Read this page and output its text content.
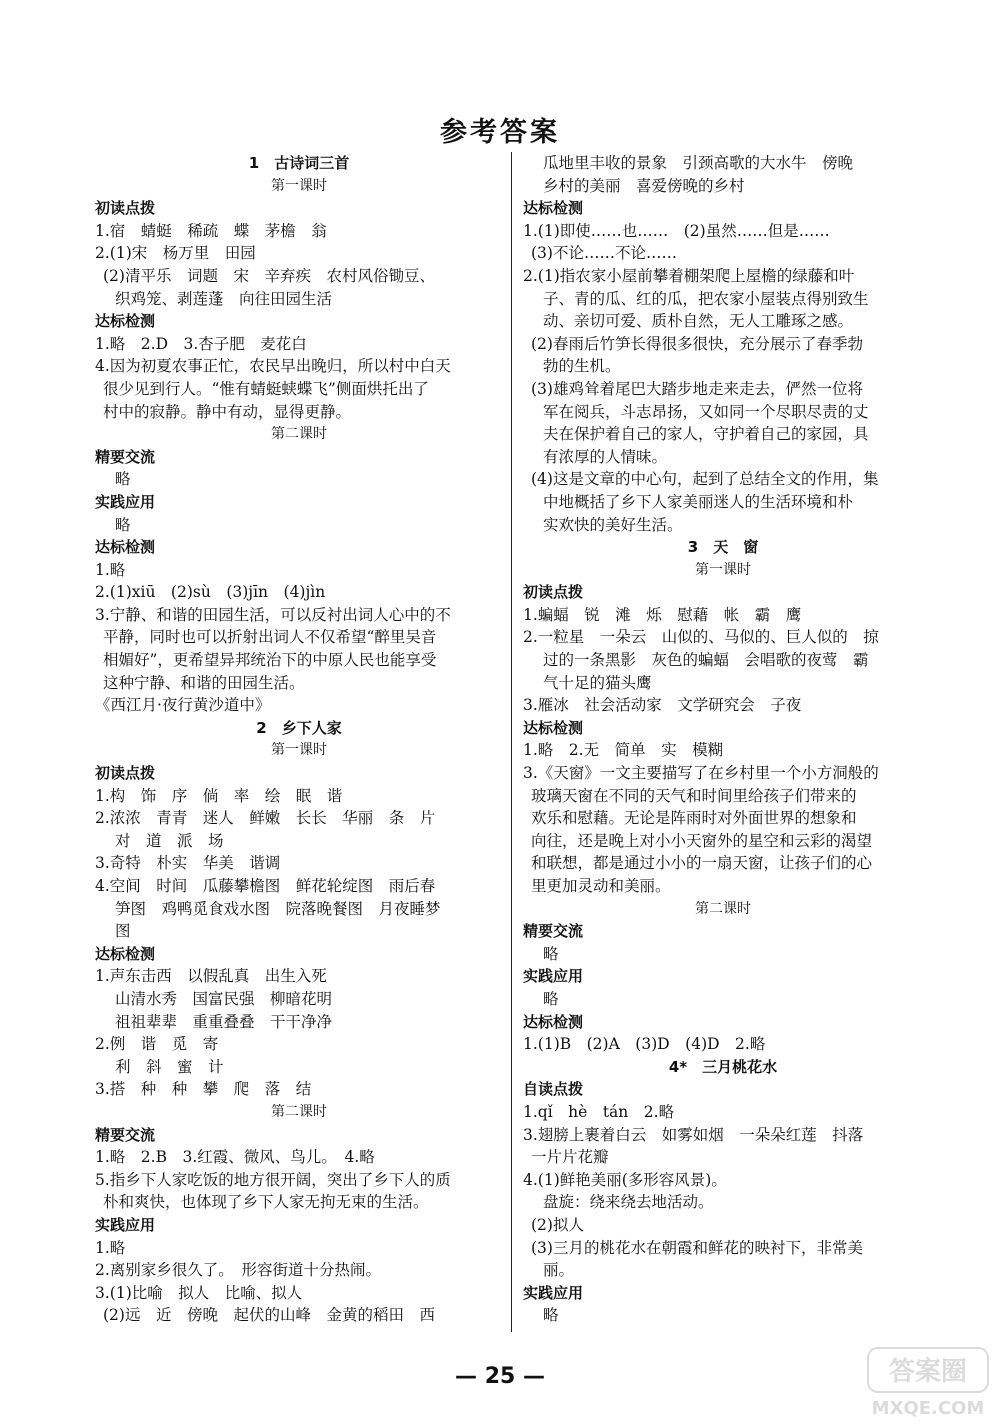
参考答案
1　古诗词三首
第一课时
初读点拨
1.宿　蜻蜓　稀疏　蝶　茅檐　翁
2.(1)宋　杨万里　田园
(2)清平乐　词题　宋　辛弃疾　农村风俗锄豆、
织鸡笼、剥莲蓬　向往田园生活
达标检测
1.略　2.D　3.杏子肥　麦花白
4.因为初夏农事正忙，农民早出晚归，所以村中白天
很少见到行人。“惟有蜻蜓蛱蝶飞”侧面烘托出了
村中的寂静。静中有动，显得更静。
第二课时
精要交流
略
实践应用
略
达标检测
1.略
2.(1)xiū　(2)sù　(3)jīn　(4)jìn
3.宁静、和谐的田园生活，可以反衬出词人心中的不
平静，同时也可以折射出词人不仅希望“醉里吴音
相媚好”，更希望异邦统治下的中原人民也能享受
这种宁静、和谐的田园生活。
《西江月·夜行黄沙道中》
2　乡下人家
第一课时
初读点拨
1.构　饰　序　倘　率　绘　眠　谐
2.浓浓　青青　迷人　鲜嫩　长长　华丽　条　片
对　道　派　场
3.奇特　朴实　华美　谐调
4.空间　时间　瓜藤攀檐图　鲜花轮绽图　雨后春
笋图　鸡鸭觅食戏水图　院落晚餐图　月夜睡梦
图
达标检测
1.声东击西　以假乱真　出生入死
山清水秀　国富民强　柳暗花明
祖祖辈辈　重重叠叠　干干净净
2.例　谐　觅　寄
利　斜　蜜　计
3.搭　种　种　攀　爬　落　结
第二课时
精要交流
1.略　2.B　3.红霞、微风、鸟儿。　4.略
5.指乡下人家吃饭的地方很开阔，突出了乡下人的质
朴和爽快，也体现了乡下人家无拘无束的生活。
实践应用
1.略
2.离别家乡很久了。　形容街道十分热闹。
3.(1)比喻　拟人　比喻、拟人
(2)远　近　傍晚　起伏的山峰　金黄的稻田　西
瓜地里丰收的景象　引颈高歌的大水牛　傍晚
乡村的美丽　喜爱傍晚的乡村
达标检测
1.(1)即使……也……　(2)虽然……但是……
(3)不论……不论……
2.(1)指农家小屋前攀着棚架爬上屋檐的绿藤和叶
子、青的瓜、红的瓜，把农家小屋装点得别致生
动、亲切可爱、质朴自然，无人工雕琢之感。
(2)春雨后竹笋长得很多很快，充分展示了春季勃
勃的生机。
(3)雄鸡耸着尾巴大踏步地走来走去，俨然一位将
军在阅兵，斗志昂扬，又如同一个尽职尽责的丈
夫在保护着自己的家人，守护着自己的家园，具
有浓厚的人情味。
(4)这是文章的中心句，起到了总结全文的作用，集
中地概括了乡下人家美丽迷人的生活环境和朴
实欢快的美好生活。
3　天　窗
第一课时
初读点拨
1.蝙蝠　锐　滩　烁　慰藉　帐　霸　鹰
2.一粒星　一朵云　山似的、马似的、巨人似的　掠
过的一条黑影　灰色的蝙蝠　会唱歌的夜莺　霸
气十足的猫头鹰
3.雁冰　社会活动家　文学研究会　子夜
达标检测
1.略　2.无　简单　实　模糊
3.《天窗》一文主要描写了在乡村里一个小方洞般的
玻璃天窗在不同的天气和时间里给孩子们带来的
欢乐和慰藉。无论是阵雨时对外面世界的想象和
向往，还是晚上对小小天窗外的星空和云彩的渴望
和联想，都是通过小小的一扇天窗，让孩子们的心
里更加灵动和美丽。
第二课时
精要交流
略
实践应用
略
达标检测
1.(1)B　(2)A　(3)D　(4)D　2.略
4*　三月桃花水
自读点拨
1.qǐ　hè　tán　2.略
3.翅膀上裹着白云　如雾如烟　一朵朵红莲　抖落
一片片花瓣
4.(1)鲜艳美丽(多形容风景)。
盘旋：绕来绕去地活动。
(2)拟人
(3)三月的桃花水在朝霞和鲜花的映衬下，非常美
丽。
实践应用
略
— 25 —	答案圈
MXQE.COM
